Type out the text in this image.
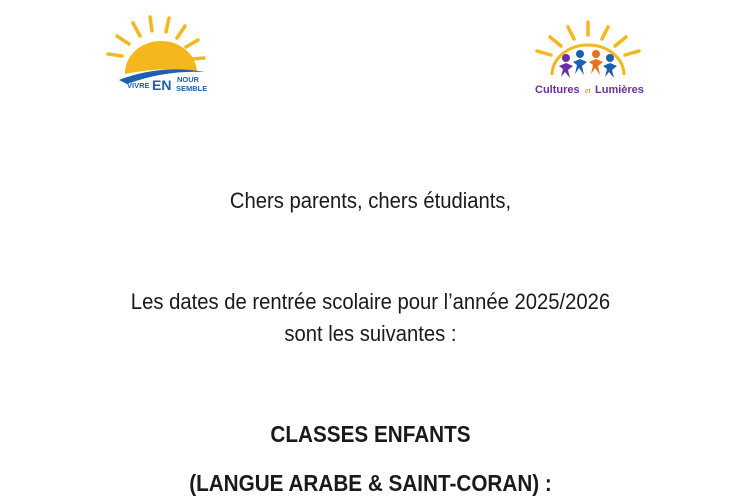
VIVRE EN NOUR
SEMBLE	Cultures et Lumières
Chers parents, chers étudiants,
Les dates de rentrée scolaire pour l’année 2025/2026
sont les suivantes :
CLASSES ENFANTS
(LANGUE ARABE & SAINT-CORAN) :
